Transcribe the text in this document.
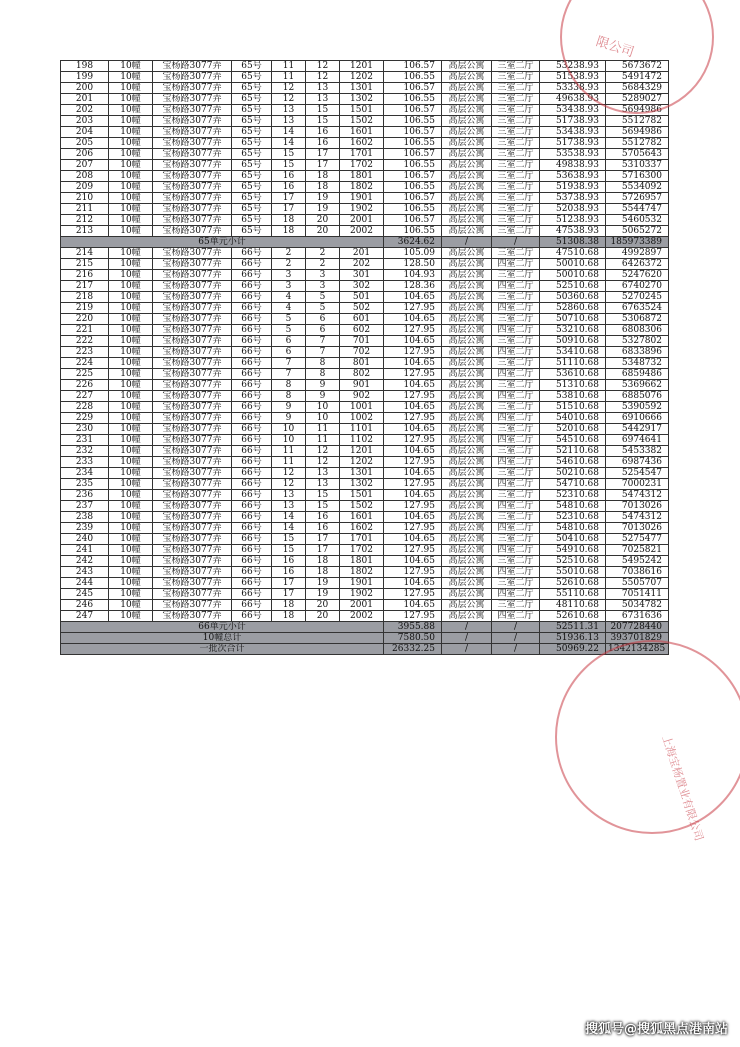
198	10幢	宝杨路3077弄	65号	11	12	1201	106.57	高层公寓	三室二厅	53238.93	5673672
199	10幢	宝杨路3077弄	65号	11	12	1202	106.55	高层公寓	三室二厅	51538.93	5491472
200	10幢	宝杨路3077弄	65号	12	13	1301	106.57	高层公寓	三室二厅	53338.93	5684329
201	10幢	宝杨路3077弄	65号	12	13	1302	106.55	高层公寓	三室二厅	49638.93	5289027
202	10幢	宝杨路3077弄	65号	13	15	1501	106.57	高层公寓	三室二厅	53438.93	5694986
203	10幢	宝杨路3077弄	65号	13	15	1502	106.55	高层公寓	三室二厅	51738.93	5512782
204	10幢	宝杨路3077弄	65号	14	16	1601	106.57	高层公寓	三室二厅	53438.93	5694986
205	10幢	宝杨路3077弄	65号	14	16	1602	106.55	高层公寓	三室二厅	51738.93	5512782
206	10幢	宝杨路3077弄	65号	15	17	1701	106.57	高层公寓	三室二厅	53538.93	5705643
207	10幢	宝杨路3077弄	65号	15	17	1702	106.55	高层公寓	三室二厅	49838.93	5310337
208	10幢	宝杨路3077弄	65号	16	18	1801	106.57	高层公寓	三室二厅	53638.93	5716300
209	10幢	宝杨路3077弄	65号	16	18	1802	106.55	高层公寓	三室二厅	51938.93	5534092
210	10幢	宝杨路3077弄	65号	17	19	1901	106.57	高层公寓	三室二厅	53738.93	5726957
211	10幢	宝杨路3077弄	65号	17	19	1902	106.55	高层公寓	三室二厅	52038.93	5544747
212	10幢	宝杨路3077弄	65号	18	20	2001	106.57	高层公寓	三室二厅	51238.93	5460532
213	10幢	宝杨路3077弄	65号	18	20	2002	106.55	高层公寓	三室二厅	47538.93	5065272
65单元小计							3624.62	/	/	51308.38	185973389
214	10幢	宝杨路3077弄	66号	2	2	201	105.09	高层公寓	三室二厅	47510.68	4992897
215	10幢	宝杨路3077弄	66号	2	2	202	128.50	高层公寓	四室二厅	50010.68	6426372
216	10幢	宝杨路3077弄	66号	3	3	301	104.93	高层公寓	三室二厅	50010.68	5247620
217	10幢	宝杨路3077弄	66号	3	3	302	128.36	高层公寓	四室二厅	52510.68	6740270
218	10幢	宝杨路3077弄	66号	4	5	501	104.65	高层公寓	三室二厅	50360.68	5270245
219	10幢	宝杨路3077弄	66号	4	5	502	127.95	高层公寓	四室二厅	52860.68	6763524
220	10幢	宝杨路3077弄	66号	5	6	601	104.65	高层公寓	三室二厅	50710.68	5306872
221	10幢	宝杨路3077弄	66号	5	6	602	127.95	高层公寓	四室二厅	53210.68	6808306
222	10幢	宝杨路3077弄	66号	6	7	701	104.65	高层公寓	三室二厅	50910.68	5327802
223	10幢	宝杨路3077弄	66号	6	7	702	127.95	高层公寓	四室二厅	53410.68	6833896
224	10幢	宝杨路3077弄	66号	7	8	801	104.65	高层公寓	三室二厅	51110.68	5348732
225	10幢	宝杨路3077弄	66号	7	8	802	127.95	高层公寓	四室二厅	53610.68	6859486
226	10幢	宝杨路3077弄	66号	8	9	901	104.65	高层公寓	三室二厅	51310.68	5369662
227	10幢	宝杨路3077弄	66号	8	9	902	127.95	高层公寓	四室二厅	53810.68	6885076
228	10幢	宝杨路3077弄	66号	9	10	1001	104.65	高层公寓	三室二厅	51510.68	5390592
229	10幢	宝杨路3077弄	66号	9	10	1002	127.95	高层公寓	四室二厅	54010.68	6910666
230	10幢	宝杨路3077弄	66号	10	11	1101	104.65	高层公寓	三室二厅	52010.68	5442917
231	10幢	宝杨路3077弄	66号	10	11	1102	127.95	高层公寓	四室二厅	54510.68	6974641
232	10幢	宝杨路3077弄	66号	11	12	1201	104.65	高层公寓	三室二厅	52110.68	5453382
233	10幢	宝杨路3077弄	66号	11	12	1202	127.95	高层公寓	四室二厅	54610.68	6987436
234	10幢	宝杨路3077弄	66号	12	13	1301	104.65	高层公寓	三室二厅	50210.68	5254547
235	10幢	宝杨路3077弄	66号	12	13	1302	127.95	高层公寓	四室二厅	54710.68	7000231
236	10幢	宝杨路3077弄	66号	13	15	1501	104.65	高层公寓	三室二厅	52310.68	5474312
237	10幢	宝杨路3077弄	66号	13	15	1502	127.95	高层公寓	四室二厅	54810.68	7013026
238	10幢	宝杨路3077弄	66号	14	16	1601	104.65	高层公寓	三室二厅	52310.68	5474312
239	10幢	宝杨路3077弄	66号	14	16	1602	127.95	高层公寓	四室二厅	54810.68	7013026
240	10幢	宝杨路3077弄	66号	15	17	1701	104.65	高层公寓	三室二厅	50410.68	5275477
241	10幢	宝杨路3077弄	66号	15	17	1702	127.95	高层公寓	四室二厅	54910.68	7025821
242	10幢	宝杨路3077弄	66号	16	18	1801	104.65	高层公寓	三室二厅	52510.68	5495242
243	10幢	宝杨路3077弄	66号	16	18	1802	127.95	高层公寓	四室二厅	55010.68	7038616
244	10幢	宝杨路3077弄	66号	17	19	1901	104.65	高层公寓	三室二厅	52610.68	5505707
245	10幢	宝杨路3077弄	66号	17	19	1902	127.95	高层公寓	四室二厅	55110.68	7051411
246	10幢	宝杨路3077弄	66号	18	20	2001	104.65	高层公寓	三室二厅	48110.68	5034782
247	10幢	宝杨路3077弄	66号	18	20	2002	127.95	高层公寓	四室二厅	52610.68	6731636
66单元小计							3955.88	/	/	52511.31	207728440
10幢总计							7580.50	/	/	51936.13	393701829
一批次合计							26332.25	/	/	50969.22	1342134285
限公司
上海宝杨置业有限公司
搜狐号@搜狐黑点港南站
